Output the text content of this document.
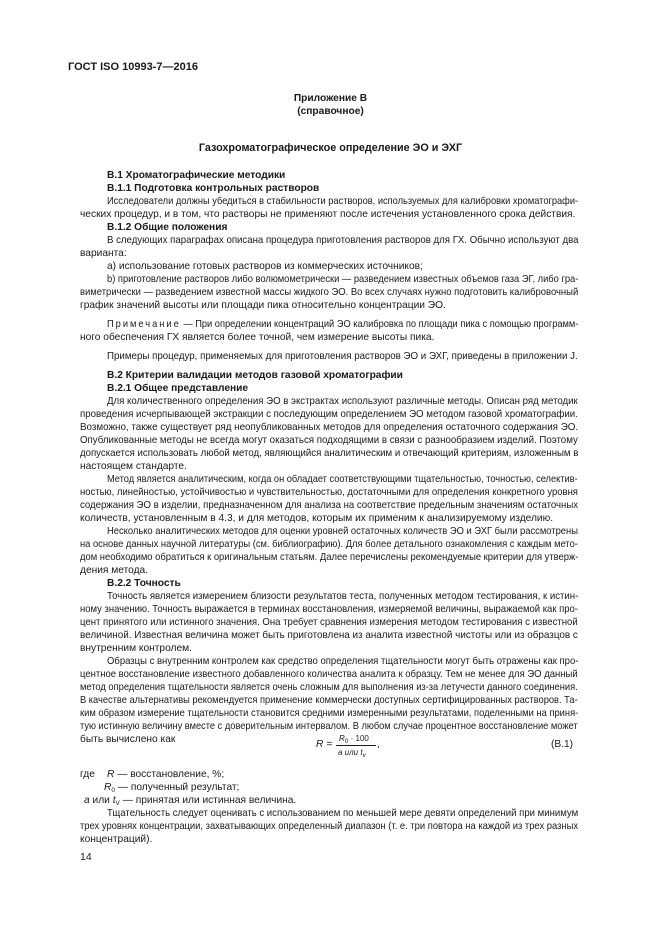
ГОСТ ISO 10993-7—2016
Приложение В
(справочное)
Газохроматографическое определение ЭО и ЭХГ
В.1 Хроматографические методики
В.1.1 Подготовка контрольных растворов
Исследователи должны убедиться в стабильности растворов, используемых для калибровки хроматографи-
ческих процедур, и в том, что растворы не применяют после истечения установленного срока действия.
В.1.2 Общие положения
В следующих параграфах описана процедура приготовления растворов для ГХ. Обычно используют два
варианта:
а) использование готовых растворов из коммерческих источников;
b) приготовление растворов либо волюмометрически — разведением известных объемов газа ЭГ, либо гра-
виметрически — разведением известной массы жидкого ЭО. Во всех случаях нужно подготовить калибровочный
график значений высоты или площади пика относительно концентрации ЭО.
Примечание — При определении концентраций ЭО калибровка по площади пика с помощью программ-
ного обеспечения ГХ является более точной, чем измерение высоты пика.
Примеры процедур, применяемых для приготовления растворов ЭО и ЭХГ, приведены в приложении J.
В.2 Критерии валидации методов газовой хроматографии
В.2.1 Общее представление
Для количественного определения ЭО в экстрактах используют различные методы. Описан ряд методик
проведения исчерпывающей экстракции с последующим определением ЭО методом газовой хроматографии.
Возможно, также существует ряд неопубликованных методов для определения остаточного содержания ЭО.
Опубликованные методы не всегда могут оказаться подходящими в связи с разнообразием изделий. Поэтому
допускается использовать любой метод, являющийся аналитическим и отвечающий критериям, изложенным в
настоящем стандарте.
Метод является аналитическим, когда он обладает соответствующими тщательностью, точностью, селектив-
ностью, линейностью, устойчивостью и чувствительностью, достаточными для определения конкретного уровня
содержания ЭО в изделии, предназначенном для анализа на соответствие предельным значениям остаточных
количеств, установленным в 4.3, и для методов, которым их применим к анализируемому изделию.
Несколько аналитических методов для оценки уровней остаточных количеств ЭО и ЭХГ были рассмотрены
на основе данных научной литературы (см. библиографию). Для более детального ознакомления с каждым мето-
дом необходимо обратиться к оригинальным статьям. Далее перечислены рекомендуемые критерии для утверж-
дения метода.
В.2.2 Точность
Точность является измерением близости результатов теста, полученных методом тестирования, к истин-
ному значению. Точность выражается в терминах восстановления, измеряемой величины, выражаемой как про-
цент принятого или истинного значения. Она требует сравнения измерения методом тестирования с известной
величиной. Известная величина может быть приготовлена из аналита известной чистоты или из образцов с
внутренним контролем.
Образцы с внутренним контролем как средство определения тщательности могут быть отражены как про-
центное восстановление известного добавленного количества аналита к образцу. Тем не менее для ЭО данный
метод определения тщательности является очень сложным для выполнения из-за летучести данного соединения.
В качестве альтернативы рекомендуется применение коммерчески доступных сертифицированных растворов. Та-
ким образом измерение тщательности становится средними измеренными результатами, поделенными на приня-
тую истинную величину вместе с доверительным интервалом. В любом случае процентное восстановление может
быть вычислено как	R =
$R_0 \cdot 100$
a или $t_v$
,	(В.1)
где R — восстановление, %;
$R_0$ — полученный результат;
a или $t_V$ — принятая или истинная величина.
Тщательность следует оценивать с использованием по меньшей мере девяти определений при минимум
трех уровнях концентрации, захватывающих определенный диапазон (т. е. три повтора на каждой из трех разных
концентраций).
14
